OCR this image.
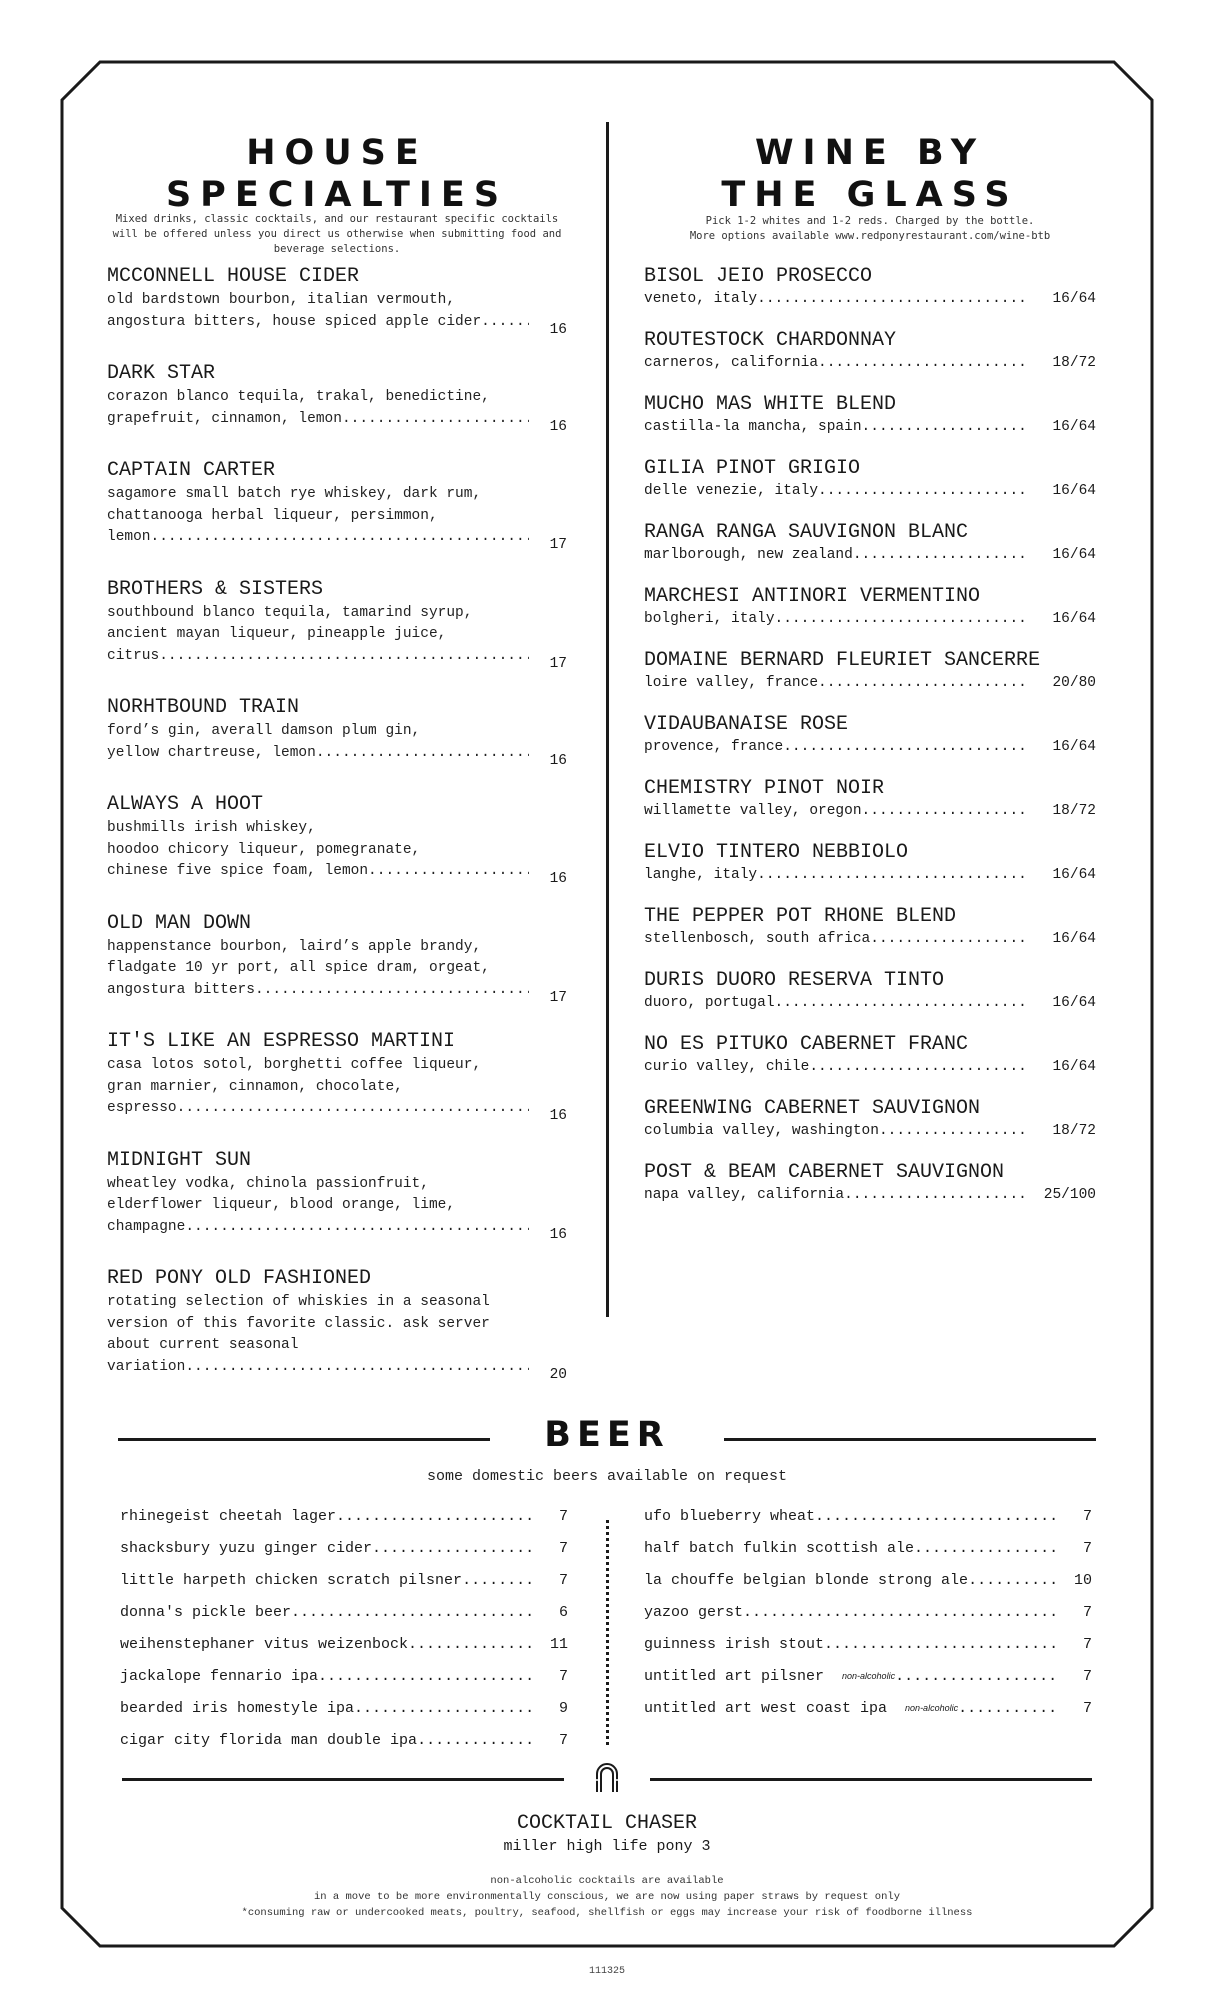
HOUSE
SPECIALTIES
Mixed drinks, classic cocktails, and our restaurant specific cocktails will be offered unless you direct us otherwise when submitting food and beverage selections.
MCCONNELL HOUSE CIDER
old bardstown bourbon, italian vermouth,
angostura bitters, house spiced apple cider .....	16
DARK STAR
corazon blanco tequila, trakal, benedictine,
grapefruit, cinnamon, lemon .....	16
CAPTAIN CARTER
sagamore small batch rye whiskey, dark rum,
chattanooga herbal liqueur, persimmon,
lemon .....	17
BROTHERS & SISTERS
southbound blanco tequila, tamarind syrup,
ancient mayan liqueur, pineapple juice,
citrus .....	17
NORHTBOUND TRAIN
ford’s gin, averall damson plum gin,
yellow chartreuse, lemon .....	16
ALWAYS A HOOT
bushmills irish whiskey,
hoodoo chicory liqueur, pomegranate,
chinese five spice foam, lemon .....	16
OLD MAN DOWN
happenstance bourbon, laird’s apple brandy,
fladgate 10 yr port, all spice dram, orgeat,
angostura bitters .....	17
IT'S LIKE AN ESPRESSO MARTINI
casa lotos sotol, borghetti coffee liqueur,
gran marnier, cinnamon, chocolate,
espresso .....	16
MIDNIGHT SUN
wheatley vodka, chinola passionfruit,
elderflower liqueur, blood orange, lime,
champagne .....	16
RED PONY OLD FASHIONED
rotating selection of whiskies in a seasonal
version of this favorite classic. ask server
about current seasonal
variation .....	20
WINE BY
THE GLASS
Pick 1-2 whites and 1-2 reds. Charged by the bottle.
More options available www.redponyrestaurant.com/wine-btb
BISOL JEIO PROSECCO
veneto, italy .....	16/64
ROUTESTOCK CHARDONNAY
carneros, california .....	18/72
MUCHO MAS WHITE BLEND
castilla-la mancha, spain .....	16/64
GILIA PINOT GRIGIO
delle venezie, italy .....	16/64
RANGA RANGA SAUVIGNON BLANC
marlborough, new zealand .....	16/64
MARCHESI ANTINORI VERMENTINO
bolgheri, italy .....	16/64
DOMAINE BERNARD FLEURIET SANCERRE
loire valley, france .....	20/80
VIDAUBANAISE ROSE
provence, france .....	16/64
CHEMISTRY PINOT NOIR
willamette valley, oregon .....	18/72
ELVIO TINTERO NEBBIOLO
langhe, italy .....	16/64
THE PEPPER POT RHONE BLEND
stellenbosch, south africa .....	16/64
DURIS DUORO RESERVA TINTO
duoro, portugal .....	16/64
NO ES PITUKO CABERNET FRANC
curio valley, chile .....	16/64
GREENWING CABERNET SAUVIGNON
columbia valley, washington .....	18/72
POST & BEAM CABERNET SAUVIGNON
napa valley, california .....	25/100
BEER
some domestic beers available on request
rhinegeist cheetah lager .....	7
shacksbury yuzu ginger cider .....	7
little harpeth chicken scratch pilsner .....	7
donna's pickle beer .....	6
weihenstephaner vitus weizenbock .....	11
jackalope fennario ipa .....	7
bearded iris homestyle ipa .....	9
cigar city florida man double ipa .....	7
ufo blueberry wheat .....	7
half batch fulkin scottish ale .....	7
la chouffe belgian blonde strong ale .....	10
yazoo gerst .....	7
guinness irish stout .....	7
untitled art pilsner non-alcoholic .....	7
untitled art west coast ipa non-alcoholic .....	7
COCKTAIL CHASER
miller high life pony 3
non-alcoholic cocktails are available
in a move to be more environmentally conscious, we are now using paper straws by request only
*consuming raw or undercooked meats, poultry, seafood, shellfish or eggs may increase your risk of foodborne illness
111325
